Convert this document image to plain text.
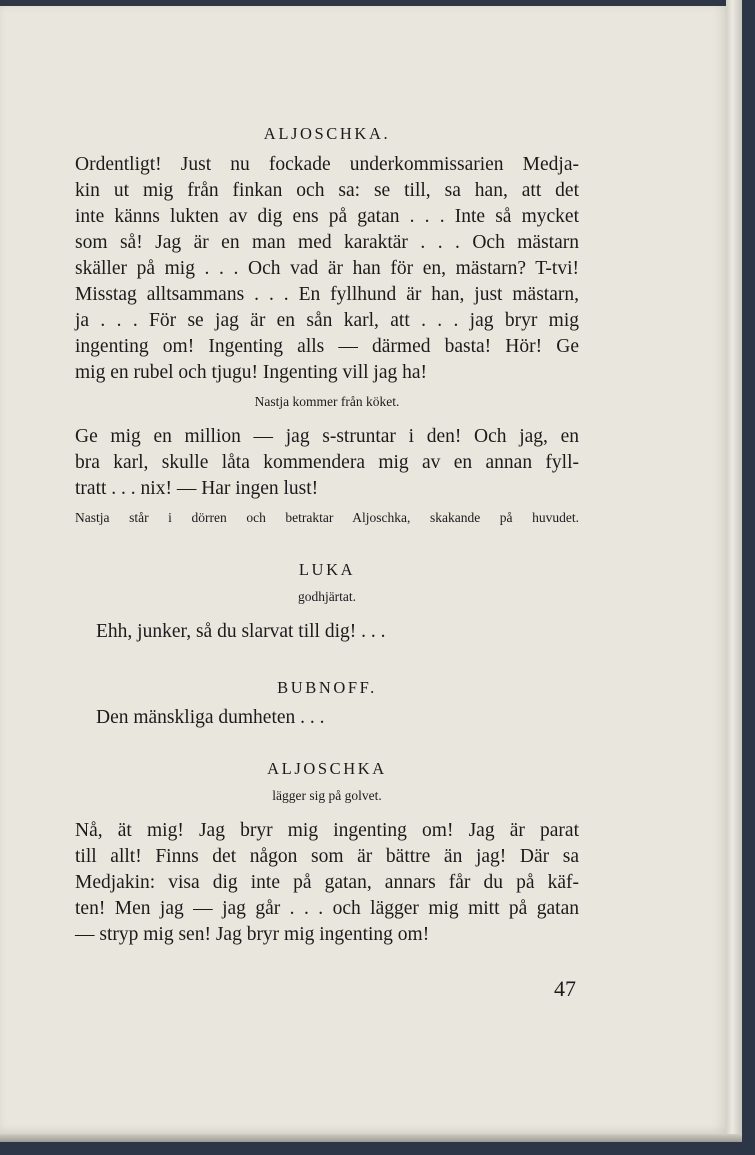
ALJOSCHKA.

Ordentligt! Just nu fockade underkommissarien Medja-

kin ut mig från finkan och sa: se till, sa han, att det

inte känns lukten av dig ens på gatan . . . Inte så mycket

som så! Jag är en man med karaktär . . . Och mästarn

skäller på mig . . . Och vad är han för en, mästarn? T-tvi!

Misstag alltsammans . . . En fyllhund är han, just mästarn,

ja . . . För se jag är en sån karl, att . . . jag bryr mig

ingenting om! Ingenting alls — därmed basta! Hör! Ge

mig en rubel och tjugu! Ingenting vill jag ha!

Nastja kommer från köket.

Ge mig en million — jag s-struntar i den! Och jag, en

bra karl, skulle låta kommendera mig av en annan fyll-

tratt . . . nix! — Har ingen lust!

Nastja står i dörren och betraktar Aljoschka, skakande på huvudet.

LUKA

godhjärtat.

Ehh, junker, så du slarvat till dig! . . .

BUBNOFF.

Den mänskliga dumheten . . .

ALJOSCHKA

lägger sig på golvet.

Nå, ät mig! Jag bryr mig ingenting om! Jag är parat

till allt! Finns det någon som är bättre än jag! Där sa

Medjakin: visa dig inte på gatan, annars får du på käf-

ten! Men jag — jag går . . . och lägger mig mitt på gatan

— stryp mig sen! Jag bryr mig ingenting om!

47
